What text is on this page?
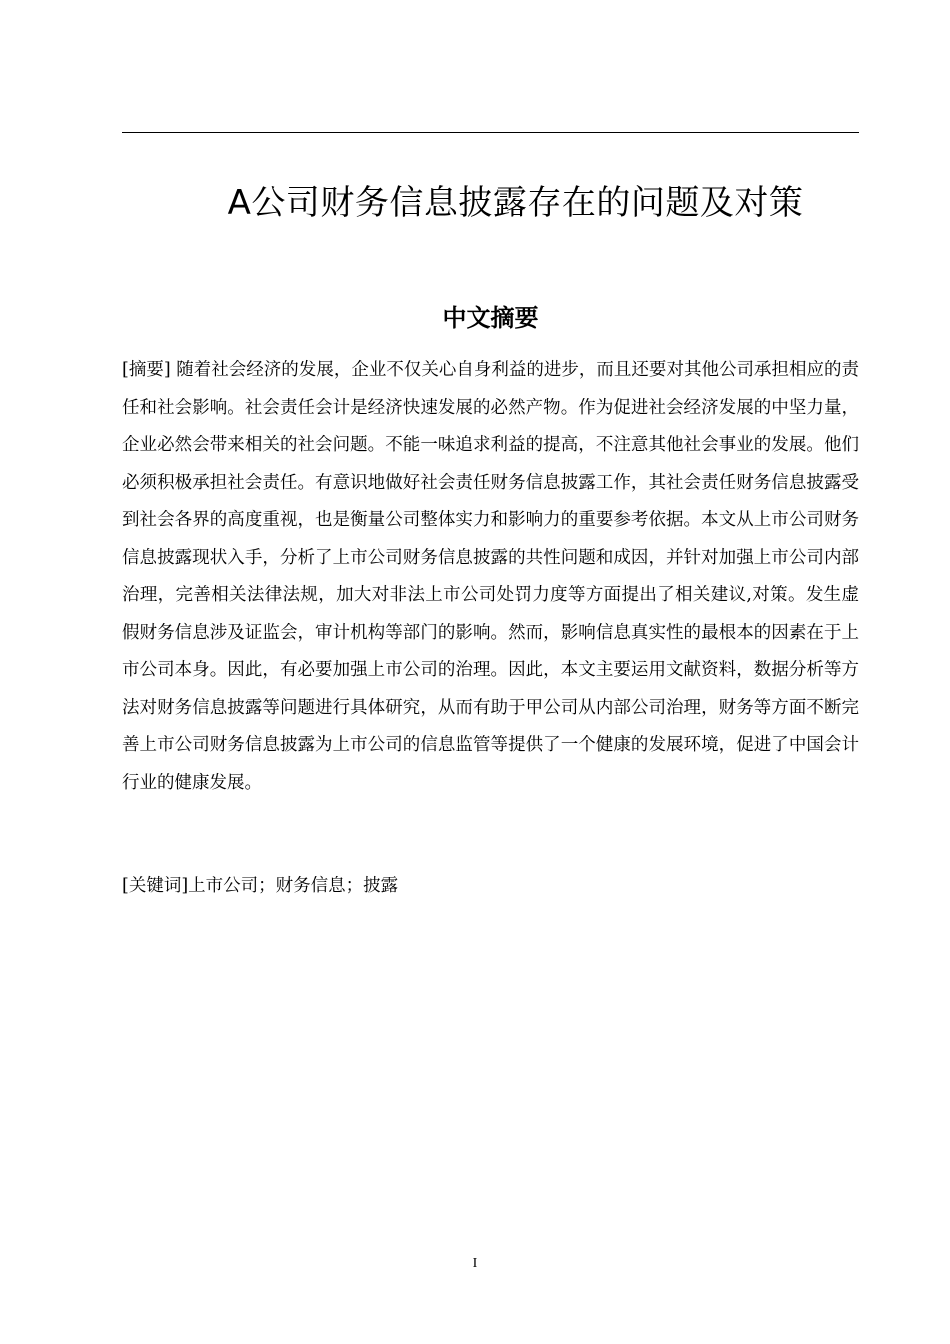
A公司财务信息披露存在的问题及对策
中文摘要

[摘要] 随着社会经济的发展，企业不仅关心自身利益的进步，而且还要对其他公司承担相应的责任和社会影响。社会责任会计是经济快速发展的必然产物。作为促进社会经济发展的中坚力量，企业必然会带来相关的社会问题。不能一味追求利益的提高，不注意其他社会事业的发展。他们必须积极承担社会责任。有意识地做好社会责任财务信息披露工作，其社会责任财务信息披露受到社会各界的高度重视，也是衡量公司整体实力和影响力的重要参考依据。本文从上市公司财务信息披露现状入手，分析了上市公司财务信息披露的共性问题和成因，并针对加强上市公司内部治理，完善相关法律法规，加大对非法上市公司处罚力度等方面提出了相关建议,对策。发生虚假财务信息涉及证监会，审计机构等部门的影响。然而，影响信息真实性的最根本的因素在于上市公司本身。因此，有必要加强上市公司的治理。因此，本文主要运用文献资料，数据分析等方法对财务信息披露等问题进行具体研究，从而有助于甲公司从内部公司治理，财务等方面不断完善上市公司财务信息披露为上市公司的信息监管等提供了一个健康的发展环境，促进了中国会计行业的健康发展。

[关键词]上市公司；财务信息；披露

I
